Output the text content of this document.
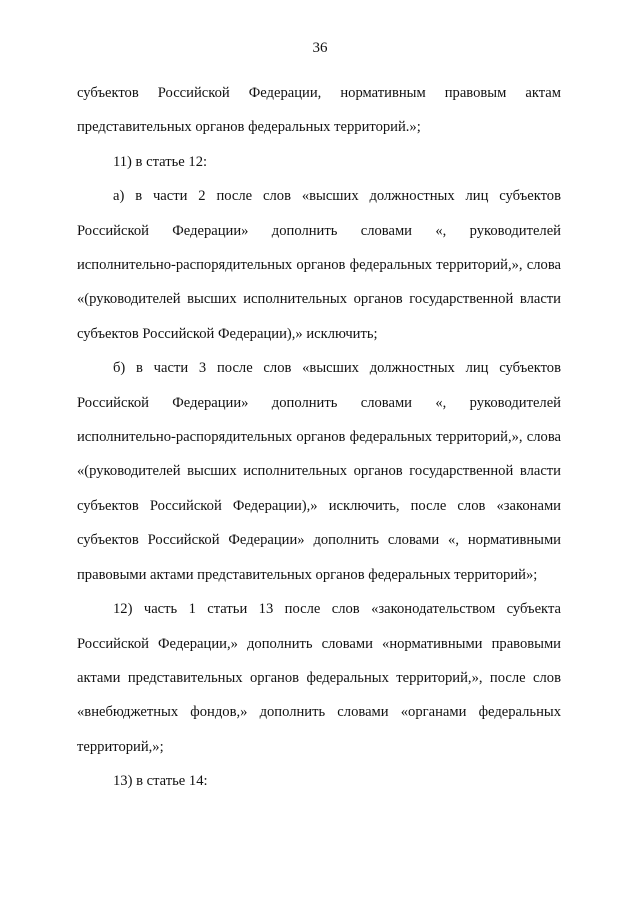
36

субъектов Российской Федерации, нормативным правовым актам представительных органов федеральных территорий.»;

11) в статье 12:

а) в части 2 после слов «высших должностных лиц субъектов Российской Федерации» дополнить словами «, руководителей исполнительно-распорядительных органов федеральных территорий,», слова «(руководителей высших исполнительных органов государственной власти субъектов Российской Федерации),» исключить;

б) в части 3 после слов «высших должностных лиц субъектов Российской Федерации» дополнить словами «, руководителей исполнительно-распорядительных органов федеральных территорий,», слова «(руководителей высших исполнительных органов государственной власти субъектов Российской Федерации),» исключить, после слов «законами субъектов Российской Федерации» дополнить словами «, нормативными правовыми актами представительных органов федеральных территорий»;

12) часть 1 статьи 13 после слов «законодательством субъекта Российской Федерации,» дополнить словами «нормативными правовыми актами представительных органов федеральных территорий,», после слов «внебюджетных фондов,» дополнить словами «органами федеральных территорий,»;

13) в статье 14:
